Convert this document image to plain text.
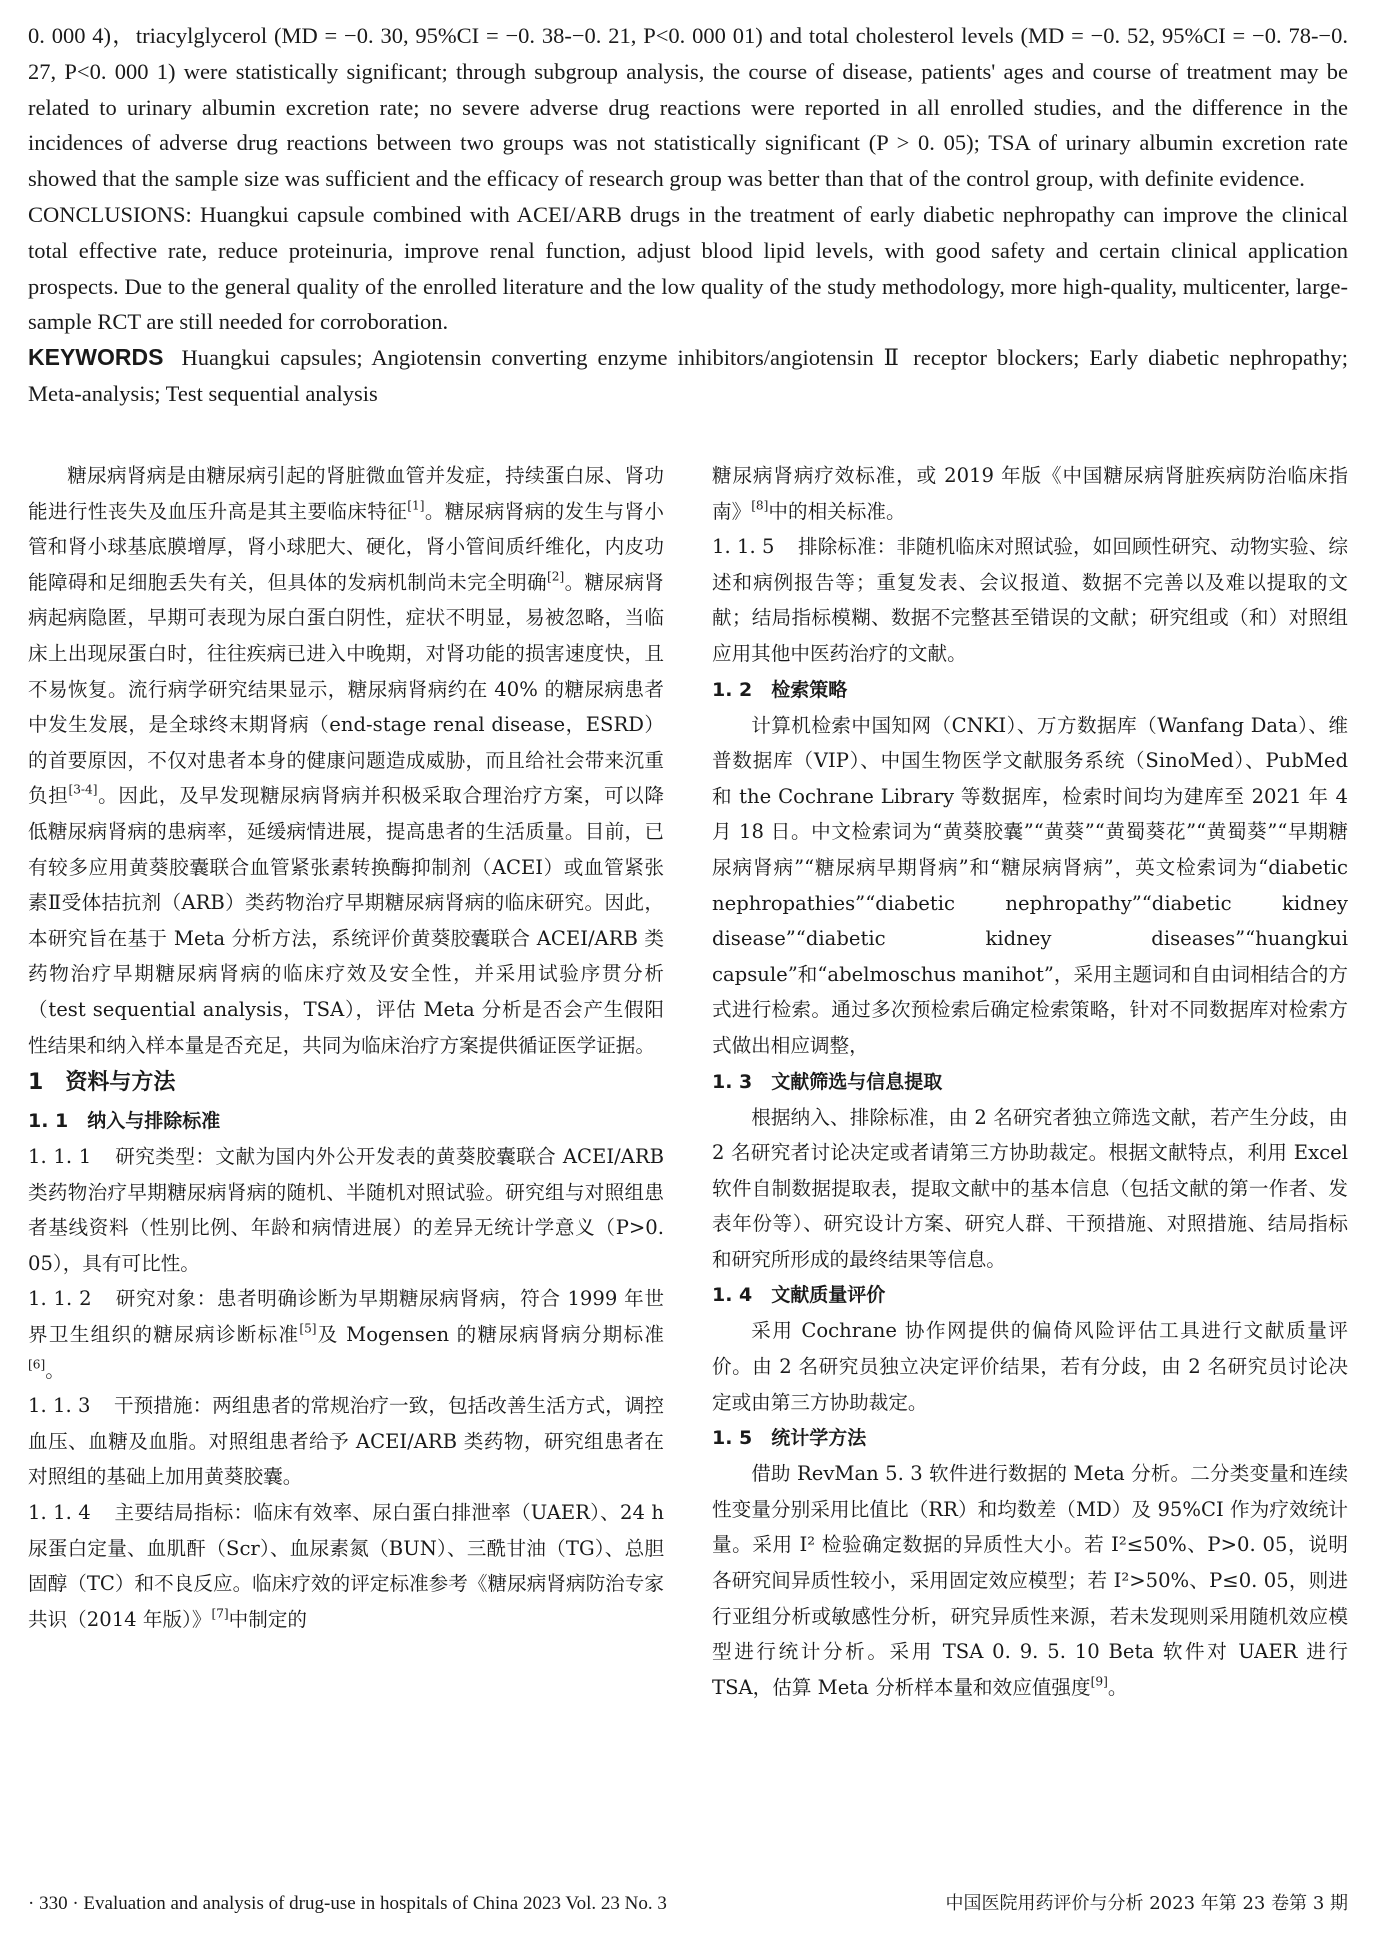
0. 000 4)，triacylglycerol (MD = −0. 30, 95%CI = −0. 38-−0. 21, P<0. 000 01) and total cholesterol levels (MD = −0. 52, 95%CI = −0. 78-−0. 27, P<0. 000 1) were statistically significant; through subgroup analysis, the course of disease, patients' ages and course of treatment may be related to urinary albumin excretion rate; no severe adverse drug reactions were reported in all enrolled studies, and the difference in the incidences of adverse drug reactions between two groups was not statistically significant (P > 0. 05); TSA of urinary albumin excretion rate showed that the sample size was sufficient and the efficacy of research group was better than that of the control group, with definite evidence.

CONCLUSIONS: Huangkui capsule combined with ACEI/ARB drugs in the treatment of early diabetic nephropathy can improve the clinical total effective rate, reduce proteinuria, improve renal function, adjust blood lipid levels, with good safety and certain clinical application prospects. Due to the general quality of the enrolled literature and the low quality of the study methodology, more high-quality, multicenter, large-sample RCT are still needed for corroboration.

KEYWORDS Huangkui capsules; Angiotensin converting enzyme inhibitors/angiotensin Ⅱ receptor blockers; Early diabetic nephropathy; Meta-analysis; Test sequential analysis

糖尿病肾病是由糖尿病引起的肾脏微血管并发症，持续蛋白尿、肾功能进行性丧失及血压升高是其主要临床特征[1]。糖尿病肾病的发生与肾小管和肾小球基底膜增厚，肾小球肥大、硬化，肾小管间质纤维化，内皮功能障碍和足细胞丢失有关，但具体的发病机制尚未完全明确[2]。糖尿病肾病起病隐匿，早期可表现为尿白蛋白阴性，症状不明显，易被忽略，当临床上出现尿蛋白时，往往疾病已进入中晚期，对肾功能的损害速度快，且不易恢复。流行病学研究结果显示，糖尿病肾病约在 40% 的糖尿病患者中发生发展，是全球终末期肾病（end-stage renal disease，ESRD）的首要原因，不仅对患者本身的健康问题造成威胁，而且给社会带来沉重负担[3-4]。因此，及早发现糖尿病肾病并积极采取合理治疗方案，可以降低糖尿病肾病的患病率，延缓病情进展，提高患者的生活质量。目前，已有较多应用黄葵胶囊联合血管紧张素转换酶抑制剂（ACEI）或血管紧张素Ⅱ受体拮抗剂（ARB）类药物治疗早期糖尿病肾病的临床研究。因此，本研究旨在基于 Meta 分析方法，系统评价黄葵胶囊联合 ACEI/ARB 类药物治疗早期糖尿病肾病的临床疗效及安全性，并采用试验序贯分析（test sequential analysis，TSA），评估 Meta 分析是否会产生假阳性结果和纳入样本量是否充足，共同为临床治疗方案提供循证医学证据。

1 资料与方法

1. 1 纳入与排除标准

1. 1. 1 研究类型：文献为国内外公开发表的黄葵胶囊联合 ACEI/ARB 类药物治疗早期糖尿病肾病的随机、半随机对照试验。研究组与对照组患者基线资料（性别比例、年龄和病情进展）的差异无统计学意义（P>0. 05），具有可比性。

1. 1. 2 研究对象：患者明确诊断为早期糖尿病肾病，符合 1999 年世界卫生组织的糖尿病诊断标准[5]及 Mogensen 的糖尿病肾病分期标准[6]。

1. 1. 3 干预措施：两组患者的常规治疗一致，包括改善生活方式，调控血压、血糖及血脂。对照组患者给予 ACEI/ARB 类药物，研究组患者在对照组的基础上加用黄葵胶囊。

1. 1. 4 主要结局指标：临床有效率、尿白蛋白排泄率（UAER）、24 h 尿蛋白定量、血肌酐（Scr）、血尿素氮（BUN）、三酰甘油（TG）、总胆固醇（TC）和不良反应。临床疗效的评定标准参考《糖尿病肾病防治专家共识（2014 年版）》[7]中制定的

糖尿病肾病疗效标准，或 2019 年版《中国糖尿病肾脏疾病防治临床指南》[8]中的相关标准。

1. 1. 5 排除标准：非随机临床对照试验，如回顾性研究、动物实验、综述和病例报告等；重复发表、会议报道、数据不完善以及难以提取的文献；结局指标模糊、数据不完整甚至错误的文献；研究组或（和）对照组应用其他中医药治疗的文献。

1. 2 检索策略

计算机检索中国知网（CNKI）、万方数据库（Wanfang Data）、维普数据库（VIP）、中国生物医学文献服务系统（SinoMed）、PubMed 和 the Cochrane Library 等数据库，检索时间均为建库至 2021 年 4 月 18 日。中文检索词为“黄葵胶囊”“黄葵”“黄蜀葵花”“黄蜀葵”“早期糖尿病肾病”“糖尿病早期肾病”和“糖尿病肾病”，英文检索词为“diabetic nephropathies”“diabetic nephropathy”“diabetic kidney disease”“diabetic kidney diseases”“huangkui capsule”和“abelmoschus manihot”，采用主题词和自由词相结合的方式进行检索。通过多次预检索后确定检索策略，针对不同数据库对检索方式做出相应调整，

1. 3 文献筛选与信息提取

根据纳入、排除标准，由 2 名研究者独立筛选文献，若产生分歧，由 2 名研究者讨论决定或者请第三方协助裁定。根据文献特点，利用 Excel 软件自制数据提取表，提取文献中的基本信息（包括文献的第一作者、发表年份等）、研究设计方案、研究人群、干预措施、对照措施、结局指标和研究所形成的最终结果等信息。

1. 4 文献质量评价

采用 Cochrane 协作网提供的偏倚风险评估工具进行文献质量评价。由 2 名研究员独立决定评价结果，若有分歧，由 2 名研究员讨论决定或由第三方协助裁定。

1. 5 统计学方法

借助 RevMan 5. 3 软件进行数据的 Meta 分析。二分类变量和连续性变量分别采用比值比（RR）和均数差（MD）及 95%CI 作为疗效统计量。采用 I² 检验确定数据的异质性大小。若 I²≤50%、P>0. 05，说明各研究间异质性较小，采用固定效应模型；若 I²>50%、P≤0. 05，则进行亚组分析或敏感性分析，研究异质性来源，若未发现则采用随机效应模型进行统计分析。采用 TSA 0. 9. 5. 10 Beta 软件对 UAER 进行 TSA，估算 Meta 分析样本量和效应值强度[9]。

· 330 · Evaluation and analysis of drug-use in hospitals of China 2023 Vol. 23 No. 3	中国医院用药评价与分析 2023 年第 23 卷第 3 期
